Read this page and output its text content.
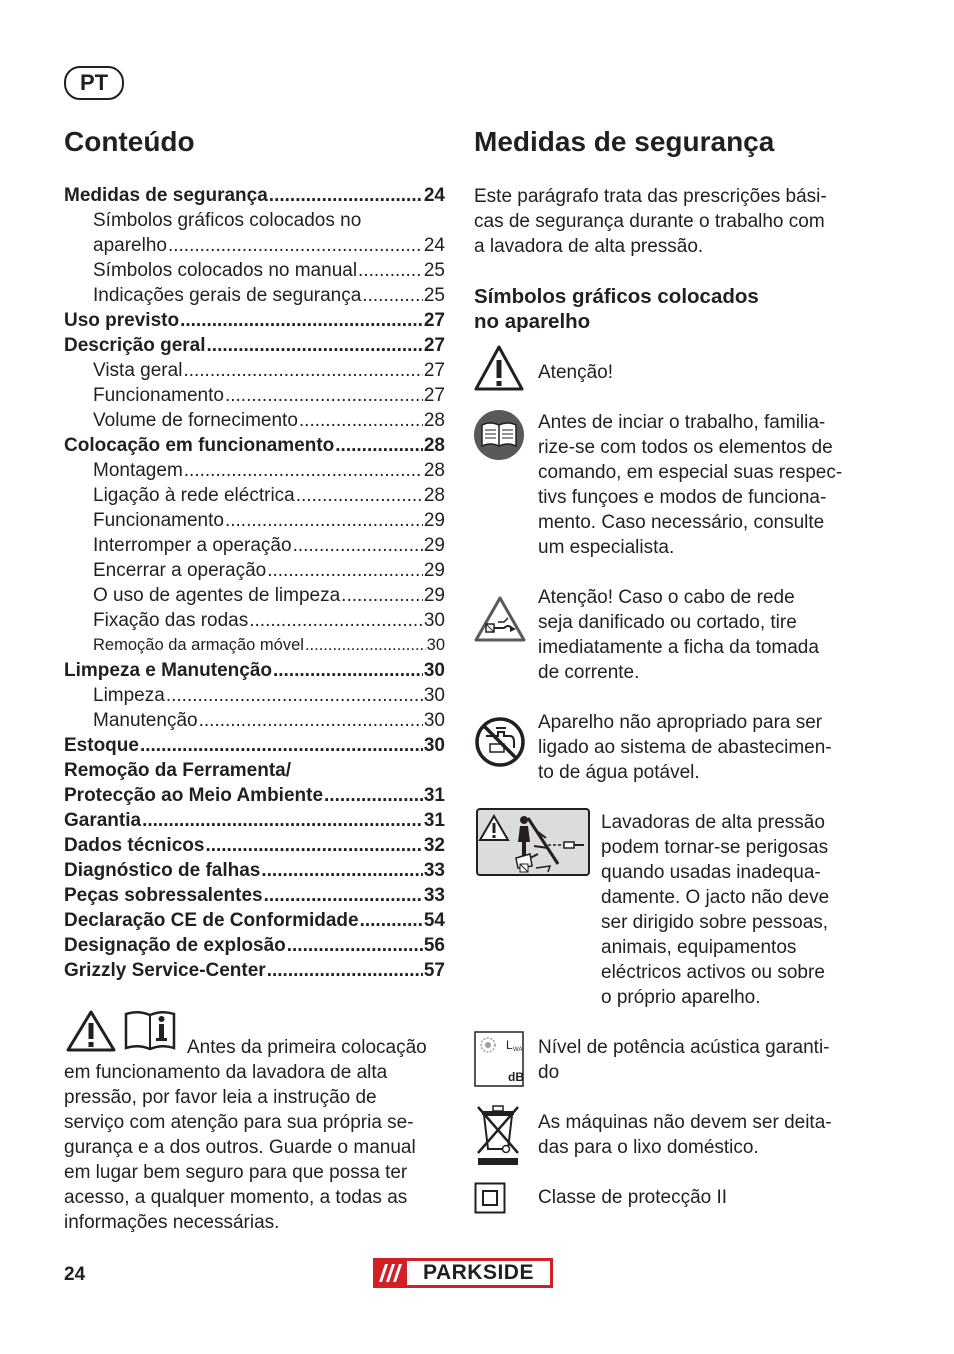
PT
Conteúdo
Medidas de segurança .....	24
Símbolos gráficos colocados no
aparelho .....	24
Símbolos colocados no manual .....	25
Indicações gerais de segurança .....	25
Uso previsto .....	27
Descrição geral .....	27
Vista geral .....	27
Funcionamento .....	27
Volume de fornecimento .....	28
Colocação em funcionamento .....	28
Montagem .....	28
Ligação à rede eléctrica .....	28
Funcionamento .....	29
Interromper a operação .....	29
Encerrar a operação .....	29
O uso de agentes de limpeza .....	29
Fixação das rodas .....	30
Remoção da armação móvel .....	30
Limpeza e Manutenção .....	30
Limpeza .....	30
Manutenção .....	30
Estoque .....	30
Remoção da Ferramenta/
Protecção ao Meio Ambiente .....	31
Garantia .....	31
Dados técnicos .....	32
Diagnóstico de falhas .....	33
Peças sobressalentes .....	33
Declaração CE de Conformidade .....	54
Designação de explosão .....	56
Grizzly Service-Center .....	57
Antes da primeira colocação
em funcionamento da lavadora de alta
pressão, por favor leia a instrução de
serviço com atenção para sua própria se-
gurança e a dos outros. Guarde o manual
em lugar bem seguro para que possa ter
acesso, a qualquer momento, a todas as
informações necessárias.
Medidas de segurança
Este parágrafo trata das prescrições bási-
cas de segurança durante o trabalho com
a lavadora de alta pressão.
Símbolos gráficos colocados
no aparelho
L WA
dB
Atenção!
Antes de inciar o trabalho, familia-
rize-se com todos os elementos de
comando, em especial suas respec-
tivs funçoes e modos de funciona-
mento. Caso necessário, consulte
um especialista.
Atenção! Caso o cabo de rede
seja danificado ou cortado, tire
imediatamente a ficha da tomada
de corrente.
Aparelho não apropriado para ser
ligado ao sistema de abastecimen-
to de água potável.
Lavadoras de alta pressão
podem tornar-se perigosas
quando usadas inadequa-
damente. O jacto não deve
ser dirigido sobre pessoas,
animais, equipamentos
eléctricos activos ou sobre
o próprio aparelho.
Nível de potência acústica garanti-
do
As máquinas não devem ser deita-
das para o lixo doméstico.
Classe de protecção II
24	PARKSIDE
